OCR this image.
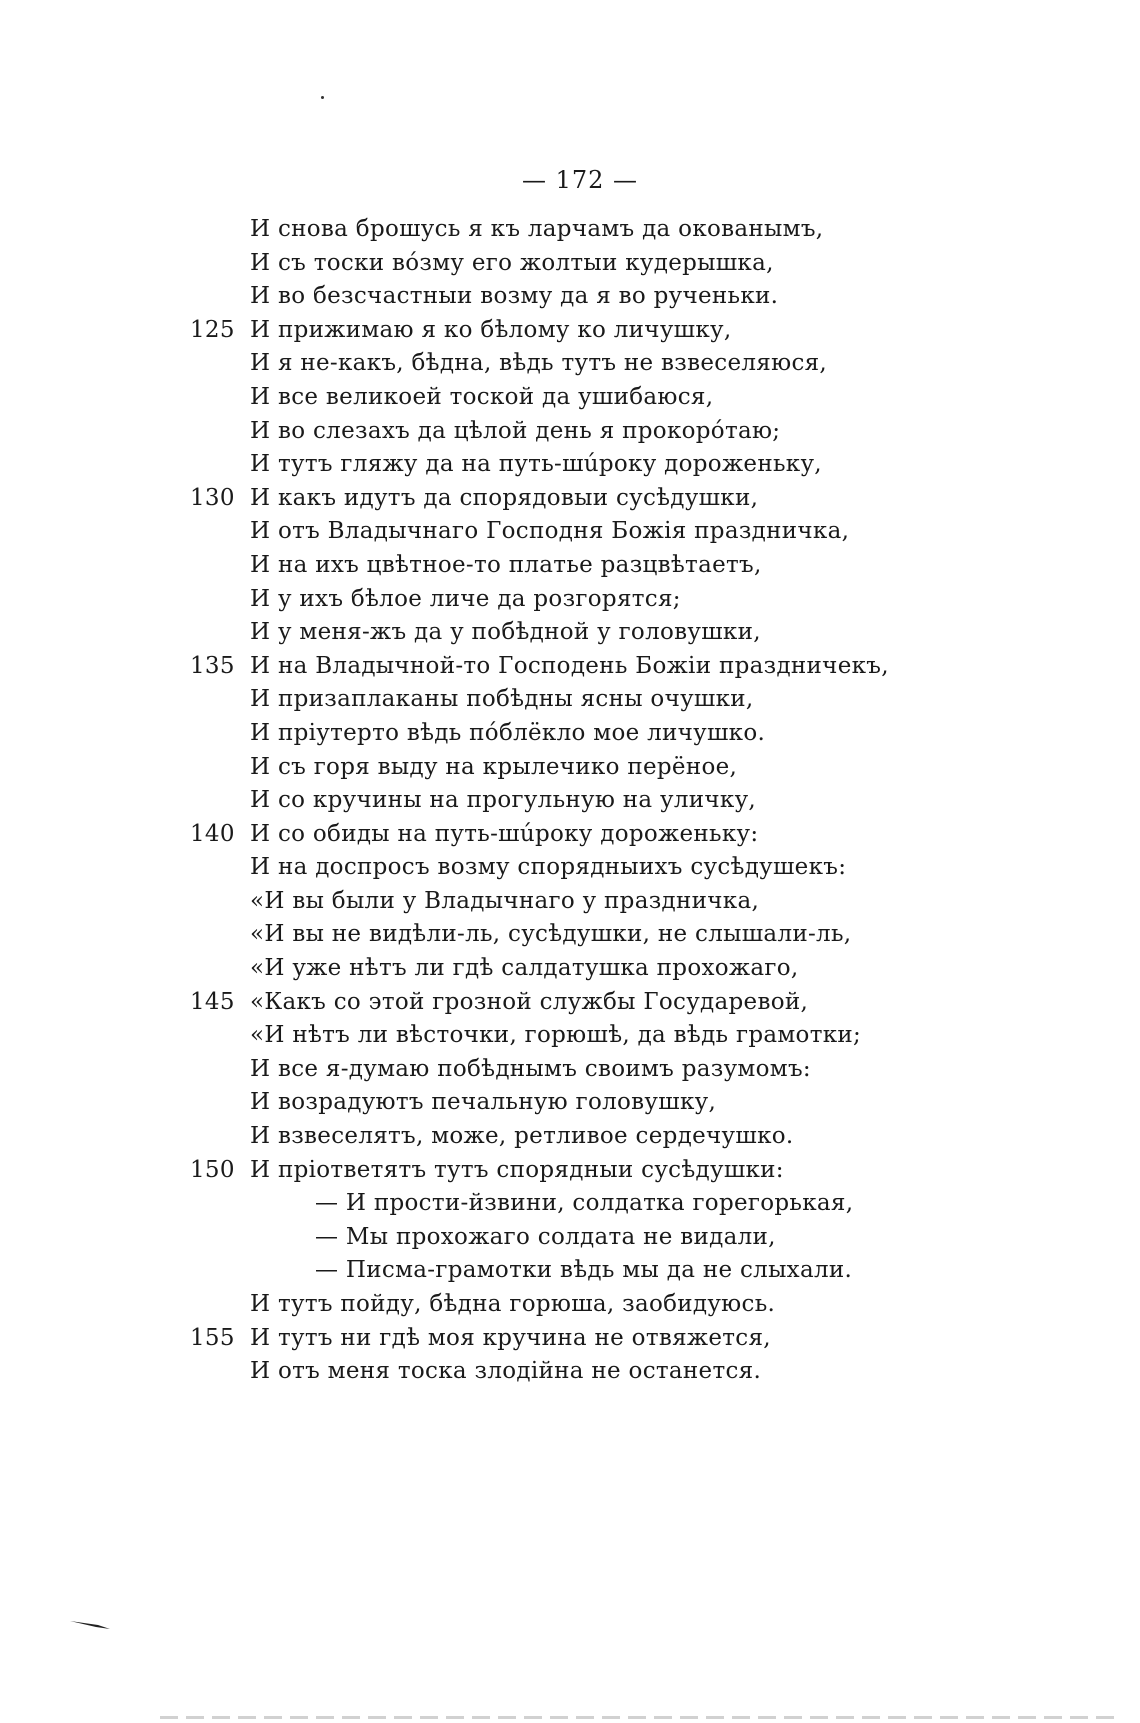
— 172 —
И снова брошусь я къ ларчамъ да окованымъ,
И съ тоски вóзму его жолтыи кудерышка,
И во безсчастныи возму да я во рученьки.
125 И прижимаю я ко бѣлому ко личушку,
И я не-какъ, бѣдна, вѣдь тутъ не взвеселяюся,
И все великоей тоской да ушибаюся,
И во слезахъ да цѣлой день я прокорóтаю;
И тутъ гляжу да на путь-шúроку дороженьку,
130 И какъ идутъ да спорядовыи сусѣдушки,
И отъ Владычнаго Господня Божія праздничка,
И на ихъ цвѣтное-то платье разцвѣтаетъ,
И у ихъ бѣлое личе да розгорятся;
И у меня-жъ да у побѣдной у головушки,
135 И на Владычной-то Господень Божіи праздничекъ,
И призаплаканы побѣдны ясны очушки,
И прiутерто вѣдь пóблёкло мое личушко.
И съ горя выду на крылечико перёное,
И со кручины на прогульную на уличку,
140 И со обиды на путь-шúроку дороженьку:
И на доспросъ возму спорядныихъ сусѣдушекъ:
«И вы были у Владычнаго у праздничка,
«И вы не видѣли-ль, сусѣдушки, не слышали-ль,
«И уже нѣтъ ли гдѣ салдатушка прохожаго,
145 «Какъ со этой грозной службы Государевой,
«И нѣтъ ли вѣсточки, горюшѣ, да вѣдь грамотки;
И все я-думаю побѣднымъ своимъ разумомъ:
И возрадуютъ печальную головушку,
И взвеселятъ, може, ретливое сердечушко.
150 И прiответятъ тутъ спорядныи сусѣдушки:
— И прости-йзвини, солдатка горегорькая,
— Мы прохожаго солдата не видали,
— Писма-грамотки вѣдь мы да не слыхали.
И тутъ пойду, бѣдна горюша, заобидуюсь.
155 И тутъ ни гдѣ моя кручина не отвяжется,
И отъ меня тоска злодійна не останется.
